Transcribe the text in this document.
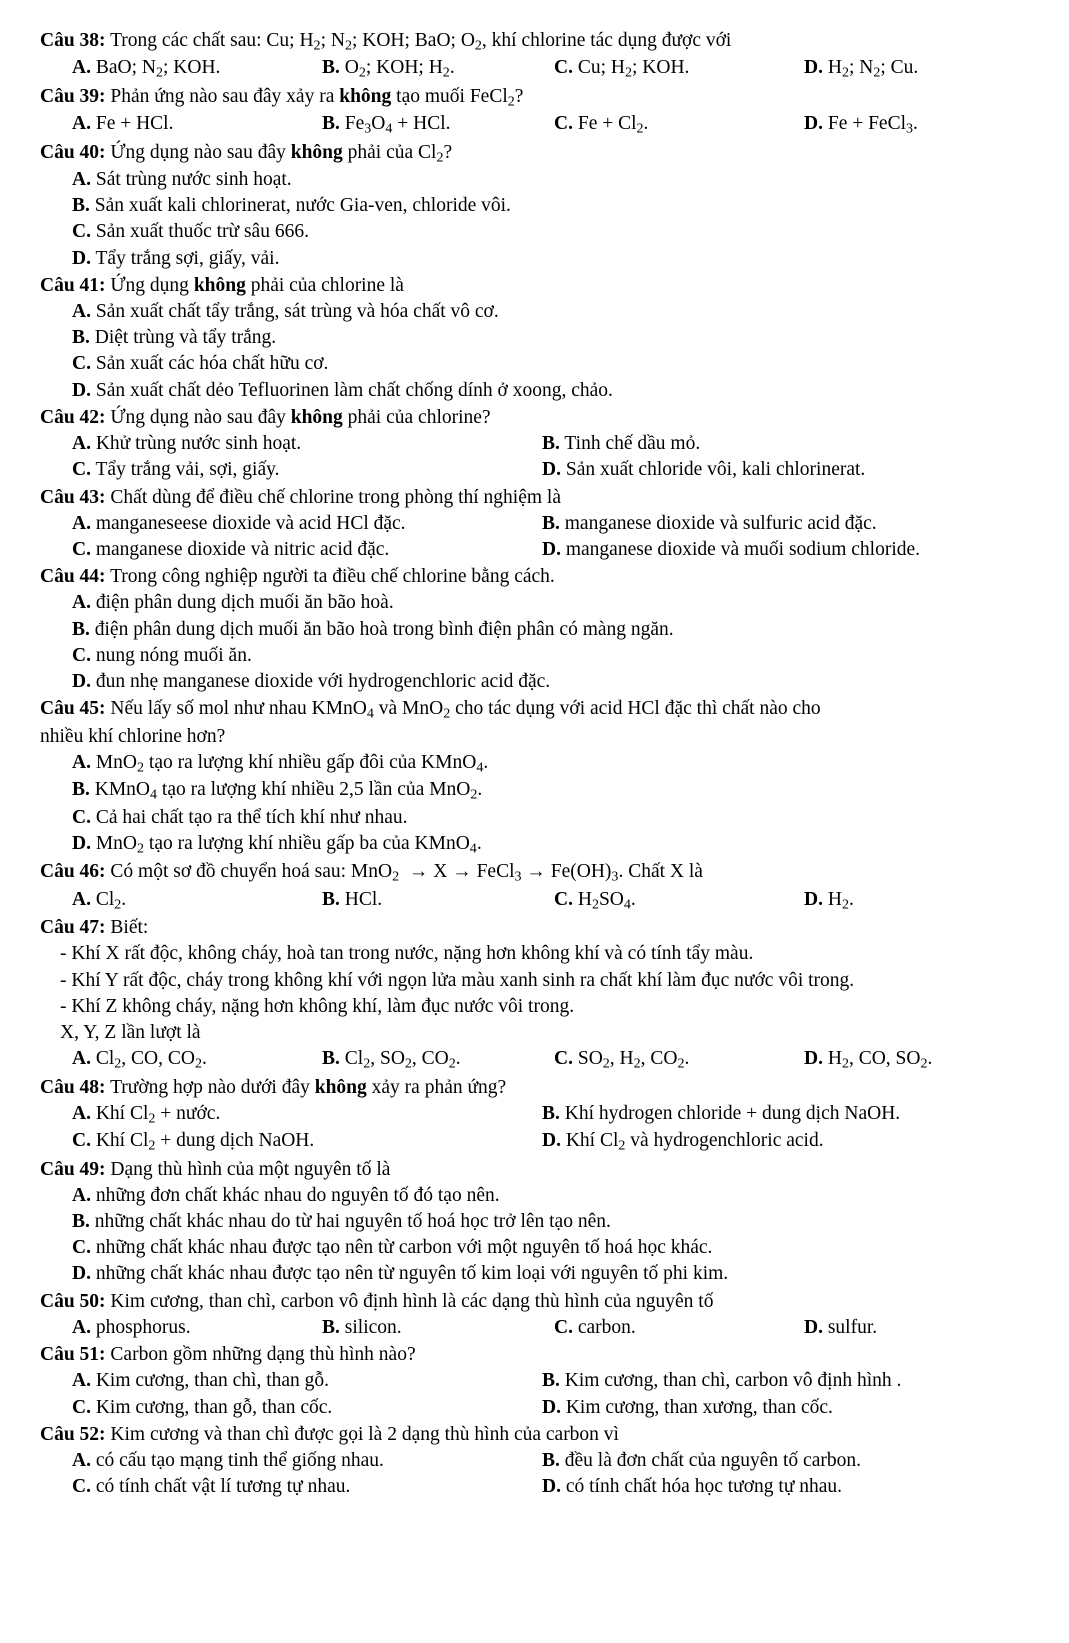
Câu 38: Trong các chất sau: Cu; $H_2$; $N_2$; KOH; BaO; $O_2$, khí chlorine tác dụng được với
A. BaO; $N_2$; KOH.	B. $O_2$; KOH; $H_2$.	C. Cu; $H_2$; KOH.	D. $H_2$; $N_2$; Cu.
Câu 39: Phản ứng nào sau đây xảy ra không tạo muối FeCl$_2$?
A. Fe + HCl.	B. $Fe_3O_4$ + HCl.	C. $Fe + Cl_2$.	D. Fe + FeCl$_3$.
Câu 40: Ứng dụng nào sau đây không phải của $Cl_2$?
A. Sát trùng nước sinh hoạt.
B. Sản xuất kali chlorinerat, nước Gia-ven, chloride vôi.
C. Sản xuất thuốc trừ sâu 666.
D. Tẩy trắng sợi, giấy, vải.
Câu 41: Ứng dụng không phải của chlorine là
A. Sản xuất chất tẩy trắng, sát trùng và hóa chất vô cơ.
B. Diệt trùng và tẩy trắng.
C. Sản xuất các hóa chất hữu cơ.
D. Sản xuất chất dẻo Tefluorinen làm chất chống dính ở xoong, chảo.
Câu 42: Ứng dụng nào sau đây không phải của chlorine?
A. Khử trùng nước sinh hoạt.	B. Tinh chế dầu mỏ.
C. Tẩy trắng vải, sợi, giấy.	D. Sản xuất chloride vôi, kali chlorinerat.
Câu 43: Chất dùng để điều chế chlorine trong phòng thí nghiệm là
A. manganeseese dioxide và acid HCl đặc.	B. manganese dioxide và sulfuric acid đặc.
C. manganese dioxide và nitric acid đặc.	D. manganese dioxide và muối sodium chloride.
Câu 44: Trong công nghiệp người ta điều chế chlorine bằng cách.
A. điện phân dung dịch muối ăn bão hoà.
B. điện phân dung dịch muối ăn bão hoà trong bình điện phân có màng ngăn.
C. nung nóng muối ăn.
D. đun nhẹ manganese dioxide với hydrogenchloric acid đặc.
Câu 45: Nếu lấy số mol như nhau KMnO$_4$ và MnO$_2$ cho tác dụng với acid HCl đặc thì chất nào cho
nhiều khí chlorine hơn?
A. MnO$_2$ tạo ra lượng khí nhiều gấp đôi của KMnO$_4$.
B. KMnO$_4$ tạo ra lượng khí nhiều 2,5 lần của MnO$_2$.
C. Cả hai chất tạo ra thể tích khí như nhau.
D. MnO$_2$ tạo ra lượng khí nhiều gấp ba của KMnO$_4$.
Câu 46: Có một sơ đồ chuyển hoá sau: MnO$_2$  → X → FeCl$_3$ → $Fe(OH)_3$. Chất X là
A. $Cl_2$.	B. HCl.	C. $H_2SO_4$.	D. $H_2$.
Câu 47: Biết:
- Khí X rất độc, không cháy, hoà tan trong nước, nặng hơn không khí và có tính tẩy màu.
- Khí Y rất độc, cháy trong không khí với ngọn lửa màu xanh sinh ra chất khí làm đục nước vôi trong.
- Khí Z không cháy, nặng hơn không khí, làm đục nước vôi trong.
X, Y, Z lần lượt là
A. $Cl_2$, CO, $CO_2$.	B. $Cl_2$, $SO_2$, $CO_2$.	C. $SO_2$, $H_2$, $CO_2$.	D. $H_2$, CO, $SO_2$.
Câu 48: Trường hợp nào dưới đây không xảy ra phản ứng?
A. Khí $Cl_2$ + nước.	B. Khí hydrogen chloride + dung dịch NaOH.
C. Khí $Cl_2$ + dung dịch NaOH.	D. Khí $Cl_2$ và hydrogenchloric acid.
Câu 49: Dạng thù hình của một nguyên tố là
A. những đơn chất khác nhau do nguyên tố đó tạo nên.
B. những chất khác nhau do từ hai nguyên tố hoá học trở lên tạo nên.
C. những chất khác nhau được tạo nên từ carbon với một nguyên tố hoá học khác.
D. những chất khác nhau được tạo nên từ nguyên tố kim loại với nguyên tố phi kim.
Câu 50: Kim cương, than chì, carbon vô định hình là các dạng thù hình của nguyên tố
A. phosphorus.	B. silicon.	C. carbon.	D. sulfur.
Câu 51: Carbon gồm những dạng thù hình nào?
A. Kim cương, than chì, than gỗ.	B. Kim cương, than chì, carbon vô định hình .
C. Kim cương, than gỗ, than cốc.	D. Kim cương, than xương, than cốc.
Câu 52: Kim cương và than chì được gọi là 2 dạng thù hình của carbon vì
A. có cấu tạo mạng tinh thể giống nhau.	B. đều là đơn chất của nguyên tố carbon.
C. có tính chất vật lí tương tự nhau.	D. có tính chất hóa học tương tự nhau.
